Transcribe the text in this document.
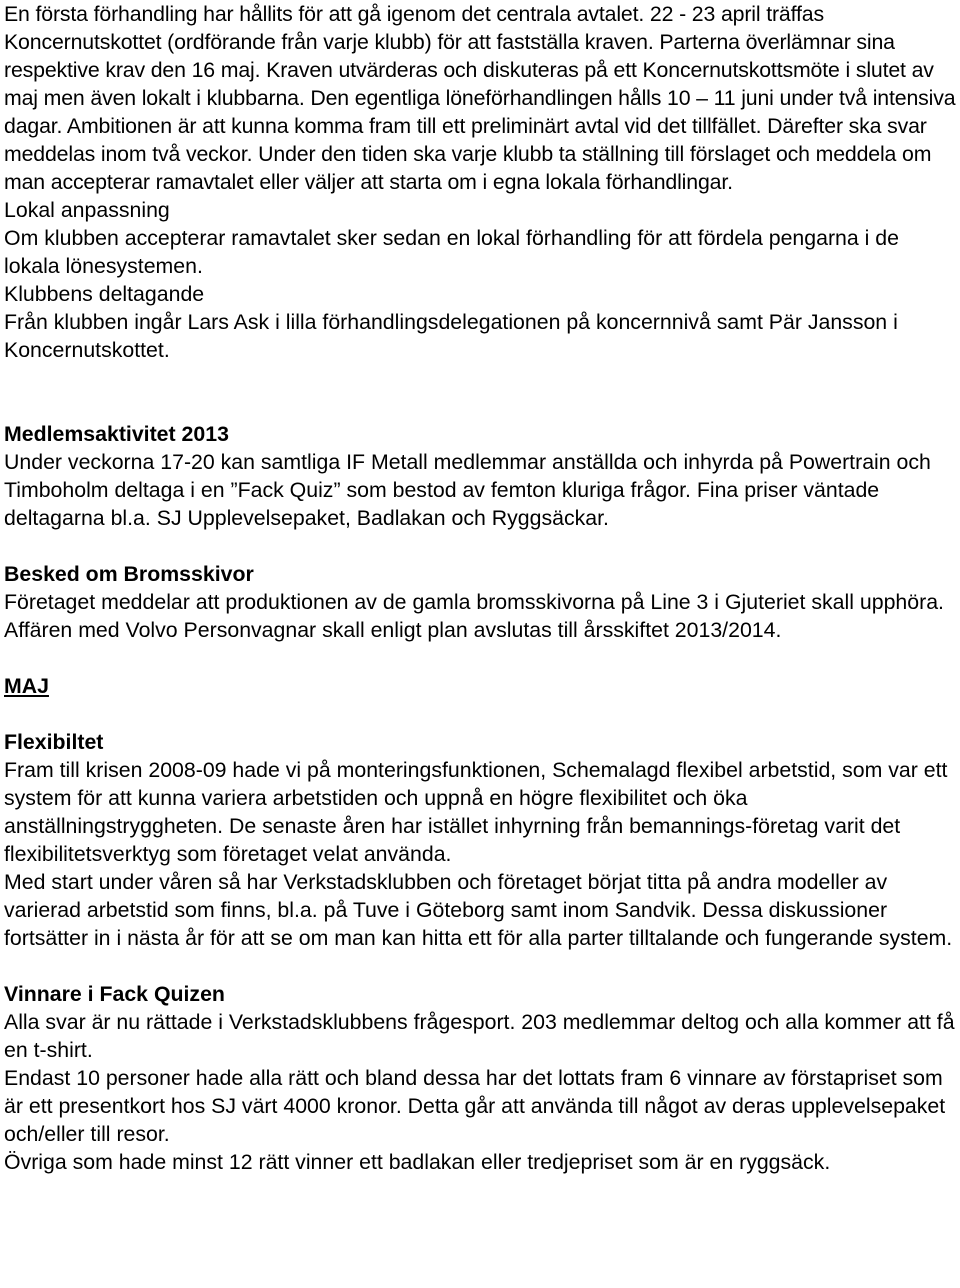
En första förhandling har hållits för att gå igenom det centrala avtalet. 22 - 23 april träffas Koncernutskottet (ordförande från varje klubb) för att fastställa kraven. Parterna överlämnar sina respektive krav den 16 maj. Kraven utvärderas och diskuteras på ett Koncernutskottsmöte i slutet av maj men även lokalt i klubbarna. Den egentliga löneförhandlingen hålls 10 – 11 juni under två intensiva dagar. Ambitionen är att kunna komma fram till ett preliminärt avtal vid det tillfället. Därefter ska svar meddelas inom två veckor. Under den tiden ska varje klubb ta ställning till förslaget och meddela om man accepterar ramavtalet eller väljer att starta om i egna lokala förhandlingar.

Lokal anpassning

Om klubben accepterar ramavtalet sker sedan en lokal förhandling för att fördela pengarna i de lokala lönesystemen.

Klubbens deltagande

Från klubben ingår Lars Ask i lilla förhandlingsdelegationen på koncernnivå samt Pär Jansson i Koncernutskottet.

Medlemsaktivitet 2013

Under veckorna 17-20 kan samtliga IF Metall medlemmar anställda och inhyrda på Powertrain och Timboholm deltaga i en ”Fack Quiz” som bestod av femton kluriga frågor. Fina priser väntade deltagarna bl.a. SJ Upplevelsepaket, Badlakan och Ryggsäckar.

Besked om Bromsskivor

Företaget meddelar att produktionen av de gamla bromsskivorna på Line 3 i Gjuteriet skall upphöra. Affären med Volvo Personvagnar skall enligt plan avslutas till årsskiftet 2013/2014.

MAJ

Flexibiltet

Fram till krisen 2008-09 hade vi på monteringsfunktionen, Schemalagd flexibel arbetstid, som var ett system för att kunna variera arbetstiden och uppnå en högre flexibilitet och öka anställningstryggheten. De senaste åren har istället inhyrning från bemannings-företag varit det flexibilitetsverktyg som företaget velat använda.

Med start under våren så har Verkstadsklubben och företaget börjat titta på andra modeller av varierad arbetstid som finns, bl.a. på Tuve i Göteborg samt inom Sandvik. Dessa diskussioner fortsätter in i nästa år för att se om man kan hitta ett för alla parter tilltalande och fungerande system.

Vinnare i Fack Quizen

Alla svar är nu rättade i Verkstadsklubbens frågesport. 203 medlemmar deltog och alla kommer att få en t-shirt.

Endast 10 personer hade alla rätt och bland dessa har det lottats fram 6 vinnare av förstapriset som är ett presentkort hos SJ värt 4000 kronor. Detta går att använda till något av deras upplevelsepaket och/eller till resor.

Övriga som hade minst 12 rätt vinner ett badlakan eller tredjepriset som är en ryggsäck.
